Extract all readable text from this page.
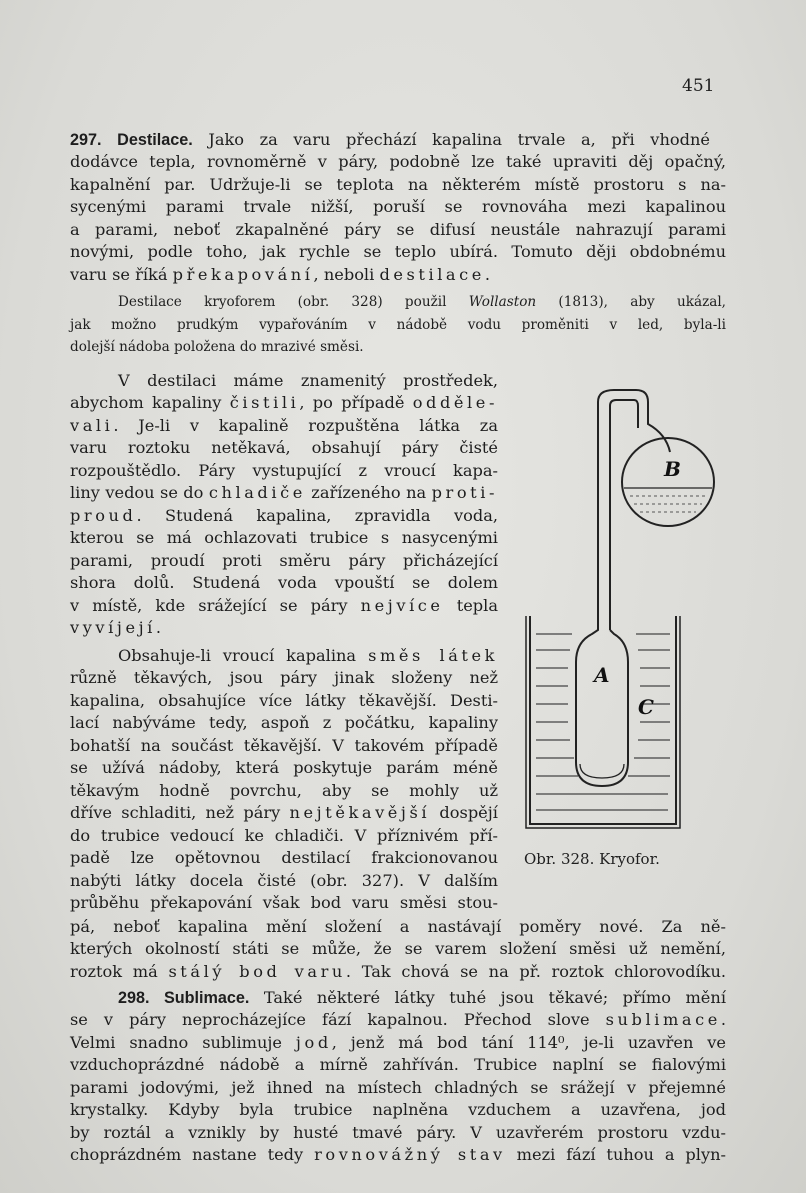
451
297. Destilace. Jako za varu přechází kapalina trvale a, při vhodné
dodávce tepla, rovnoměrně v páry, podobně lze také upraviti děj opačný,
kapalnění par. Udržuje-li se teplota na některém místě prostoru s na-
sycenými parami trvale nižší, poruší se rovnováha mezi kapalinou
a parami, neboť zkapalněné páry se difusí neustále nahrazují parami
novými, podle toho, jak rychle se teplo ubírá. Tomuto ději obdobnému
varu se říká překapování, neboli destilace.
Destilace kryoforem (obr. 328) použil Wollaston (1813), aby ukázal,
jak možno prudkým vypařováním v nádobě vodu proměniti v led, byla-li
dolejší nádoba položena do mrazivé směsi.
V destilaci máme znamenitý prostředek,
abychom kapaliny čistili, po případě odděle-
vali. Je-li v kapalině rozpuštěna látka za
varu roztoku netěkavá, obsahují páry čisté
rozpouštědlo. Páry vystupující z vroucí kapa-
liny vedou se do chladiče zařízeného na proti-
proud. Studená kapalina, zpravidla voda,
kterou se má ochlazovati trubice s nasycenými
parami, proudí proti směru páry přicházející
shora dolů. Studená voda vpouští se dolem
v místě, kde srážející se páry nejvíce tepla
vyvíjejí.
Obsahuje-li vroucí kapalina směs látek
různě těkavých, jsou páry jinak složeny než
kapalina, obsahujíce více látky těkavější. Desti-
lací nabýváme tedy, aspoň z počátku, kapaliny
bohatší na součást těkavější. V takovém případě
se užívá nádoby, která poskytuje parám méně
těkavým hodně povrchu, aby se mohly už
dříve schladiti, než páry nejtěkavější dospějí
do trubice vedoucí ke chladiči. V příznivém pří-
padě lze opětovnou destilací frakcionovanou
nabýti látky docela čisté (obr. 327). V dalším
průběhu překapování však bod varu směsi stou-
pá, neboť kapalina mění složení a nastávají poměry nové. Za ně-
kterých okolností státi se může, že se varem složení směsi už nemění,
roztok má stálý bod varu. Tak chová se na př. roztok chlorovodíku.
298. Sublimace. Také některé látky tuhé jsou těkavé; přímo mění
se v páry neprocházejíce fází kapalnou. Přechod slove sublimace.
Velmi snadno sublimuje jod, jenž má bod tání 114⁰, je-li uzavřen ve
vzduchoprázdné nádobě a mírně zahříván. Trubice naplní se fialovými
parami jodovými, jež ihned na místech chladných se srážejí v přejemné
krystalky. Kdyby byla trubice naplněna vzduchem a uzavřena, jod
by roztál a vznikly by husté tmavé páry. V uzavřerém prostoru vzdu-
choprázdném nastane tedy rovnovážný stav mezi fází tuhou a plyn-
B
A
C
Obr. 328. Kryofor.
